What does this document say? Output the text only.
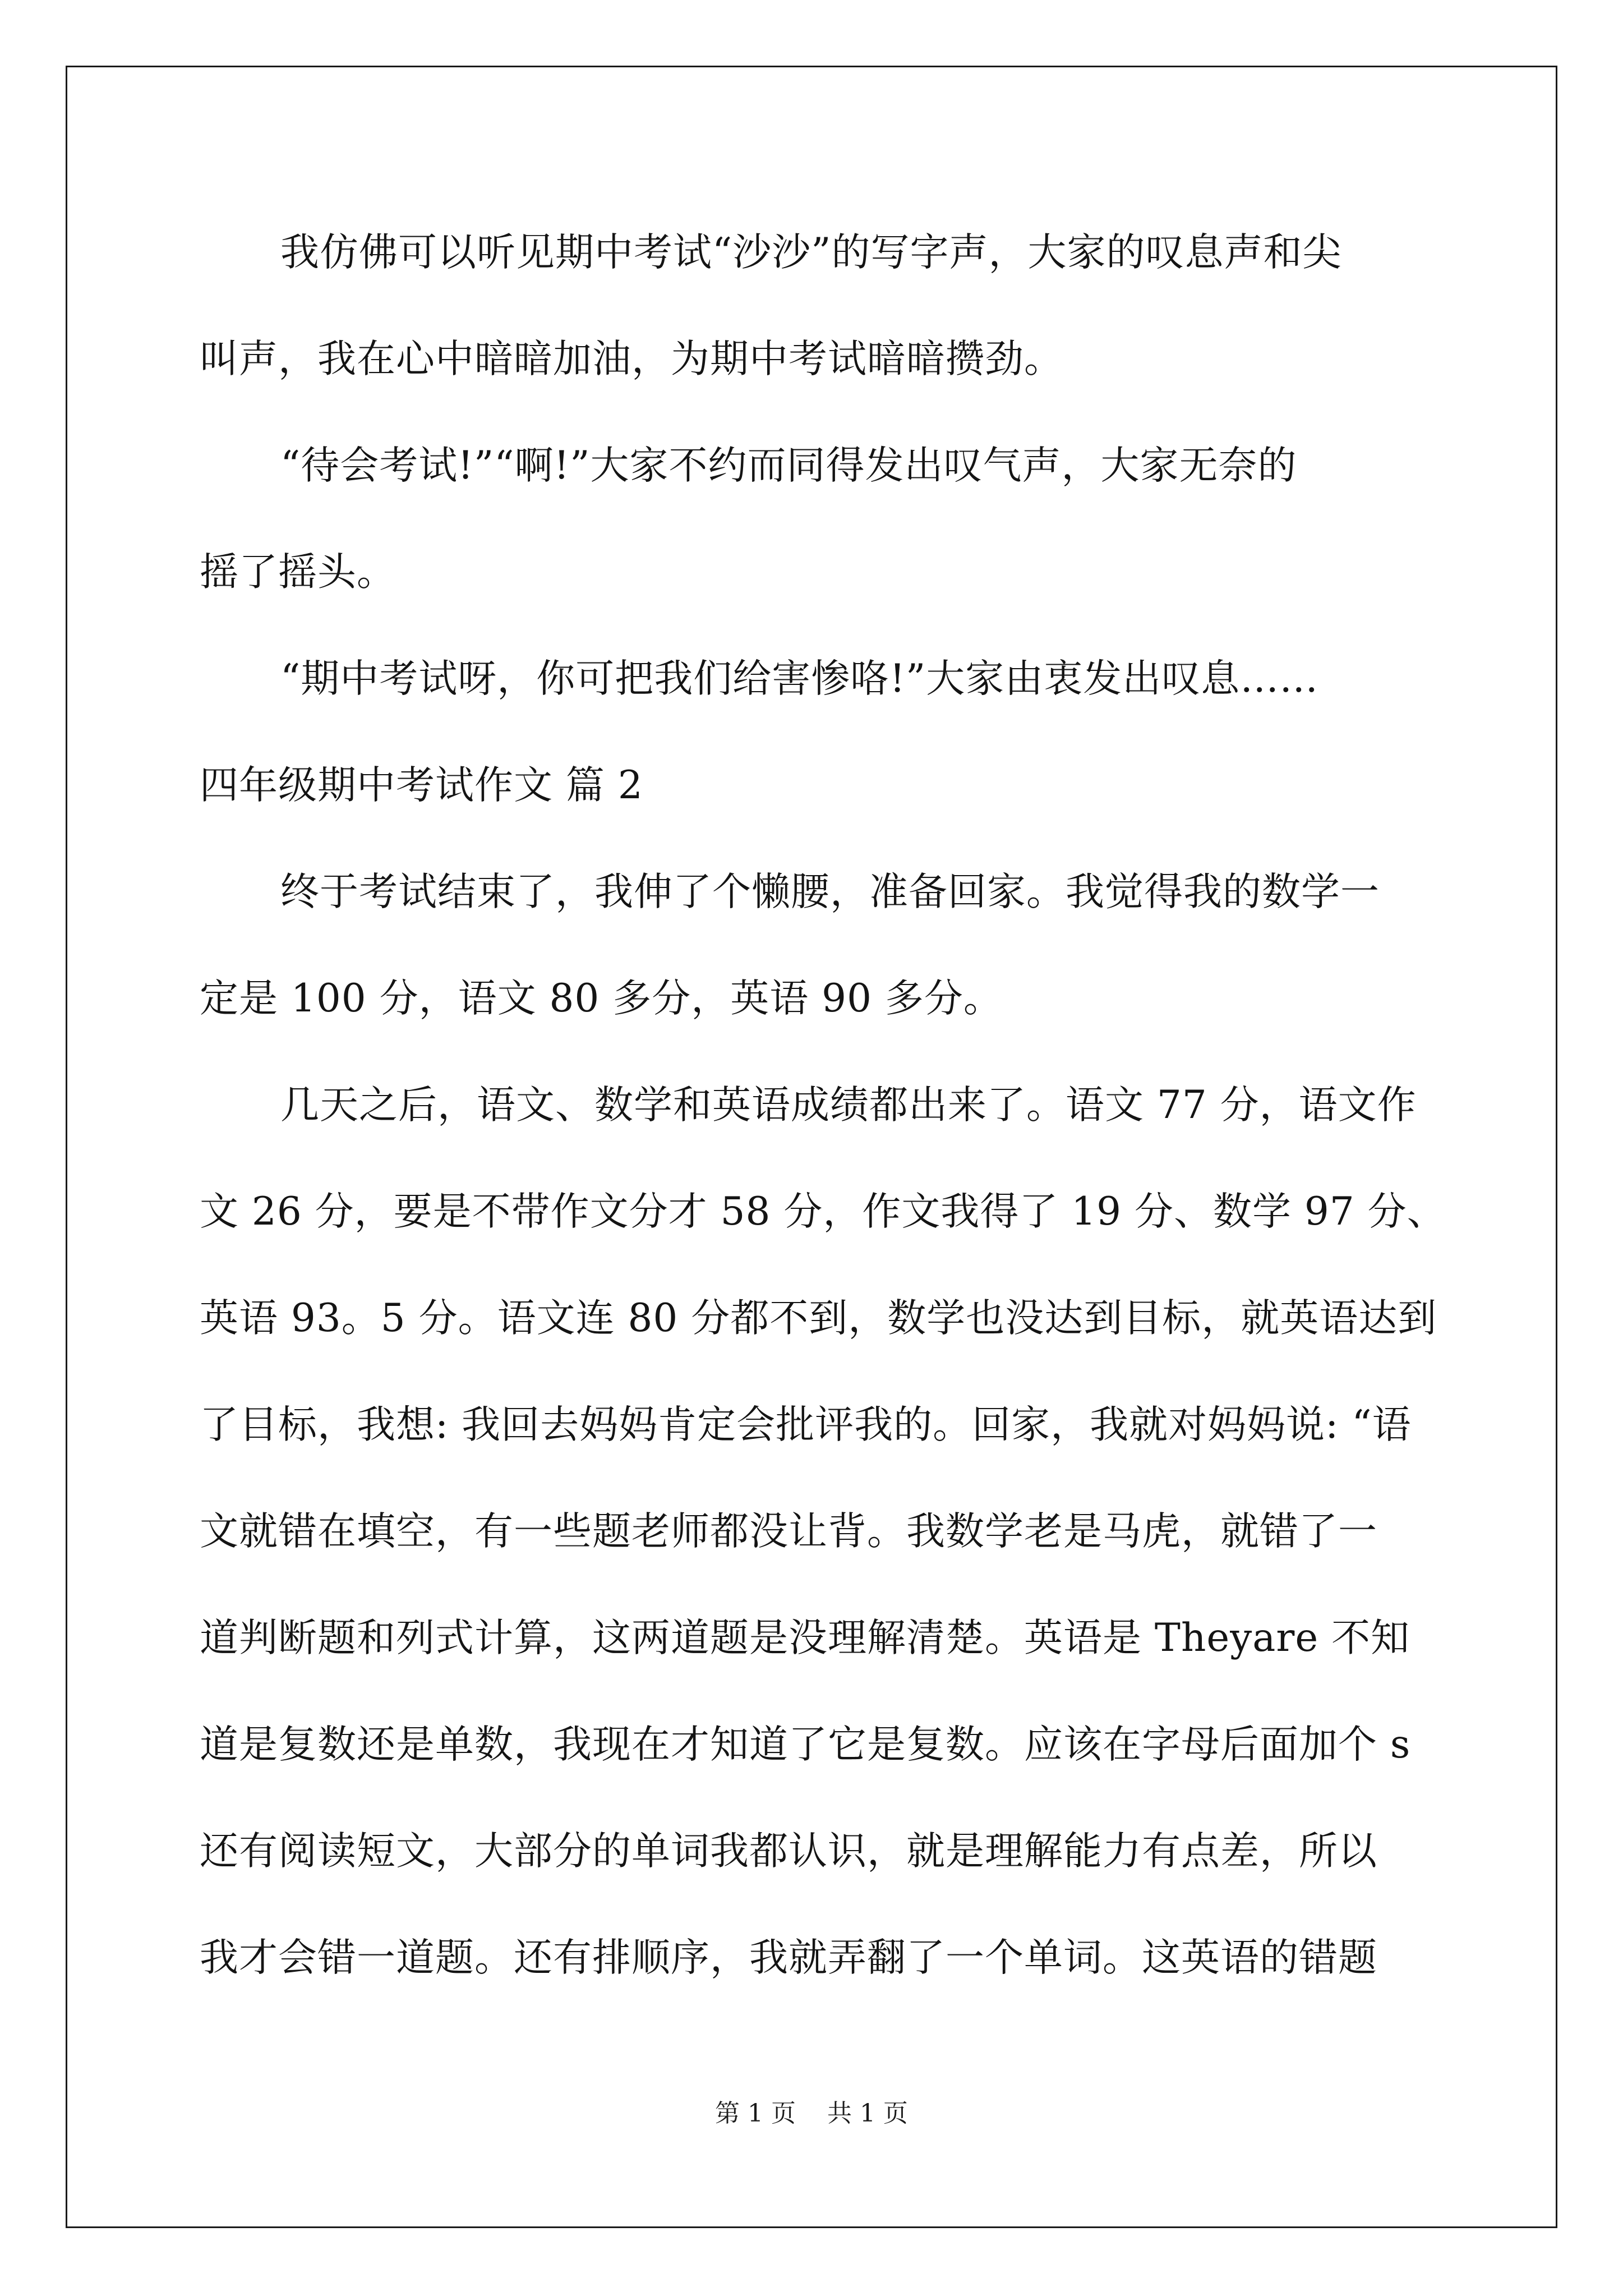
我仿佛可以听见期中考试“沙沙”的写字声，大家的叹息声和尖
叫声，我在心中暗暗加油，为期中考试暗暗攒劲。
“待会考试!”“啊!”大家不约而同得发出叹气声，大家无奈的
摇了摇头。
“期中考试呀，你可把我们给害惨咯!”大家由衷发出叹息……
四年级期中考试作文 篇 2
终于考试结束了，我伸了个懒腰，准备回家。我觉得我的数学一
定是 100 分，语文 80 多分，英语 90 多分。
几天之后，语文、数学和英语成绩都出来了。语文 77 分，语文作
文 26 分，要是不带作文分才 58 分，作文我得了 19 分、数学 97 分、
英语 93。5 分。语文连 80 分都不到，数学也没达到目标，就英语达到
了目标，我想: 我回去妈妈肯定会批评我的。回家，我就对妈妈说: “语
文就错在填空，有一些题老师都没让背。我数学老是马虎，就错了一
道判断题和列式计算，这两道题是没理解清楚。英语是 Theyare 不知
道是复数还是单数，我现在才知道了它是复数。应该在字母后面加个 s
还有阅读短文，大部分的单词我都认识，就是理解能力有点差，所以
我才会错一道题。还有排顺序，我就弄翻了一个单词。这英语的错题
第 1 页    共 1 页
